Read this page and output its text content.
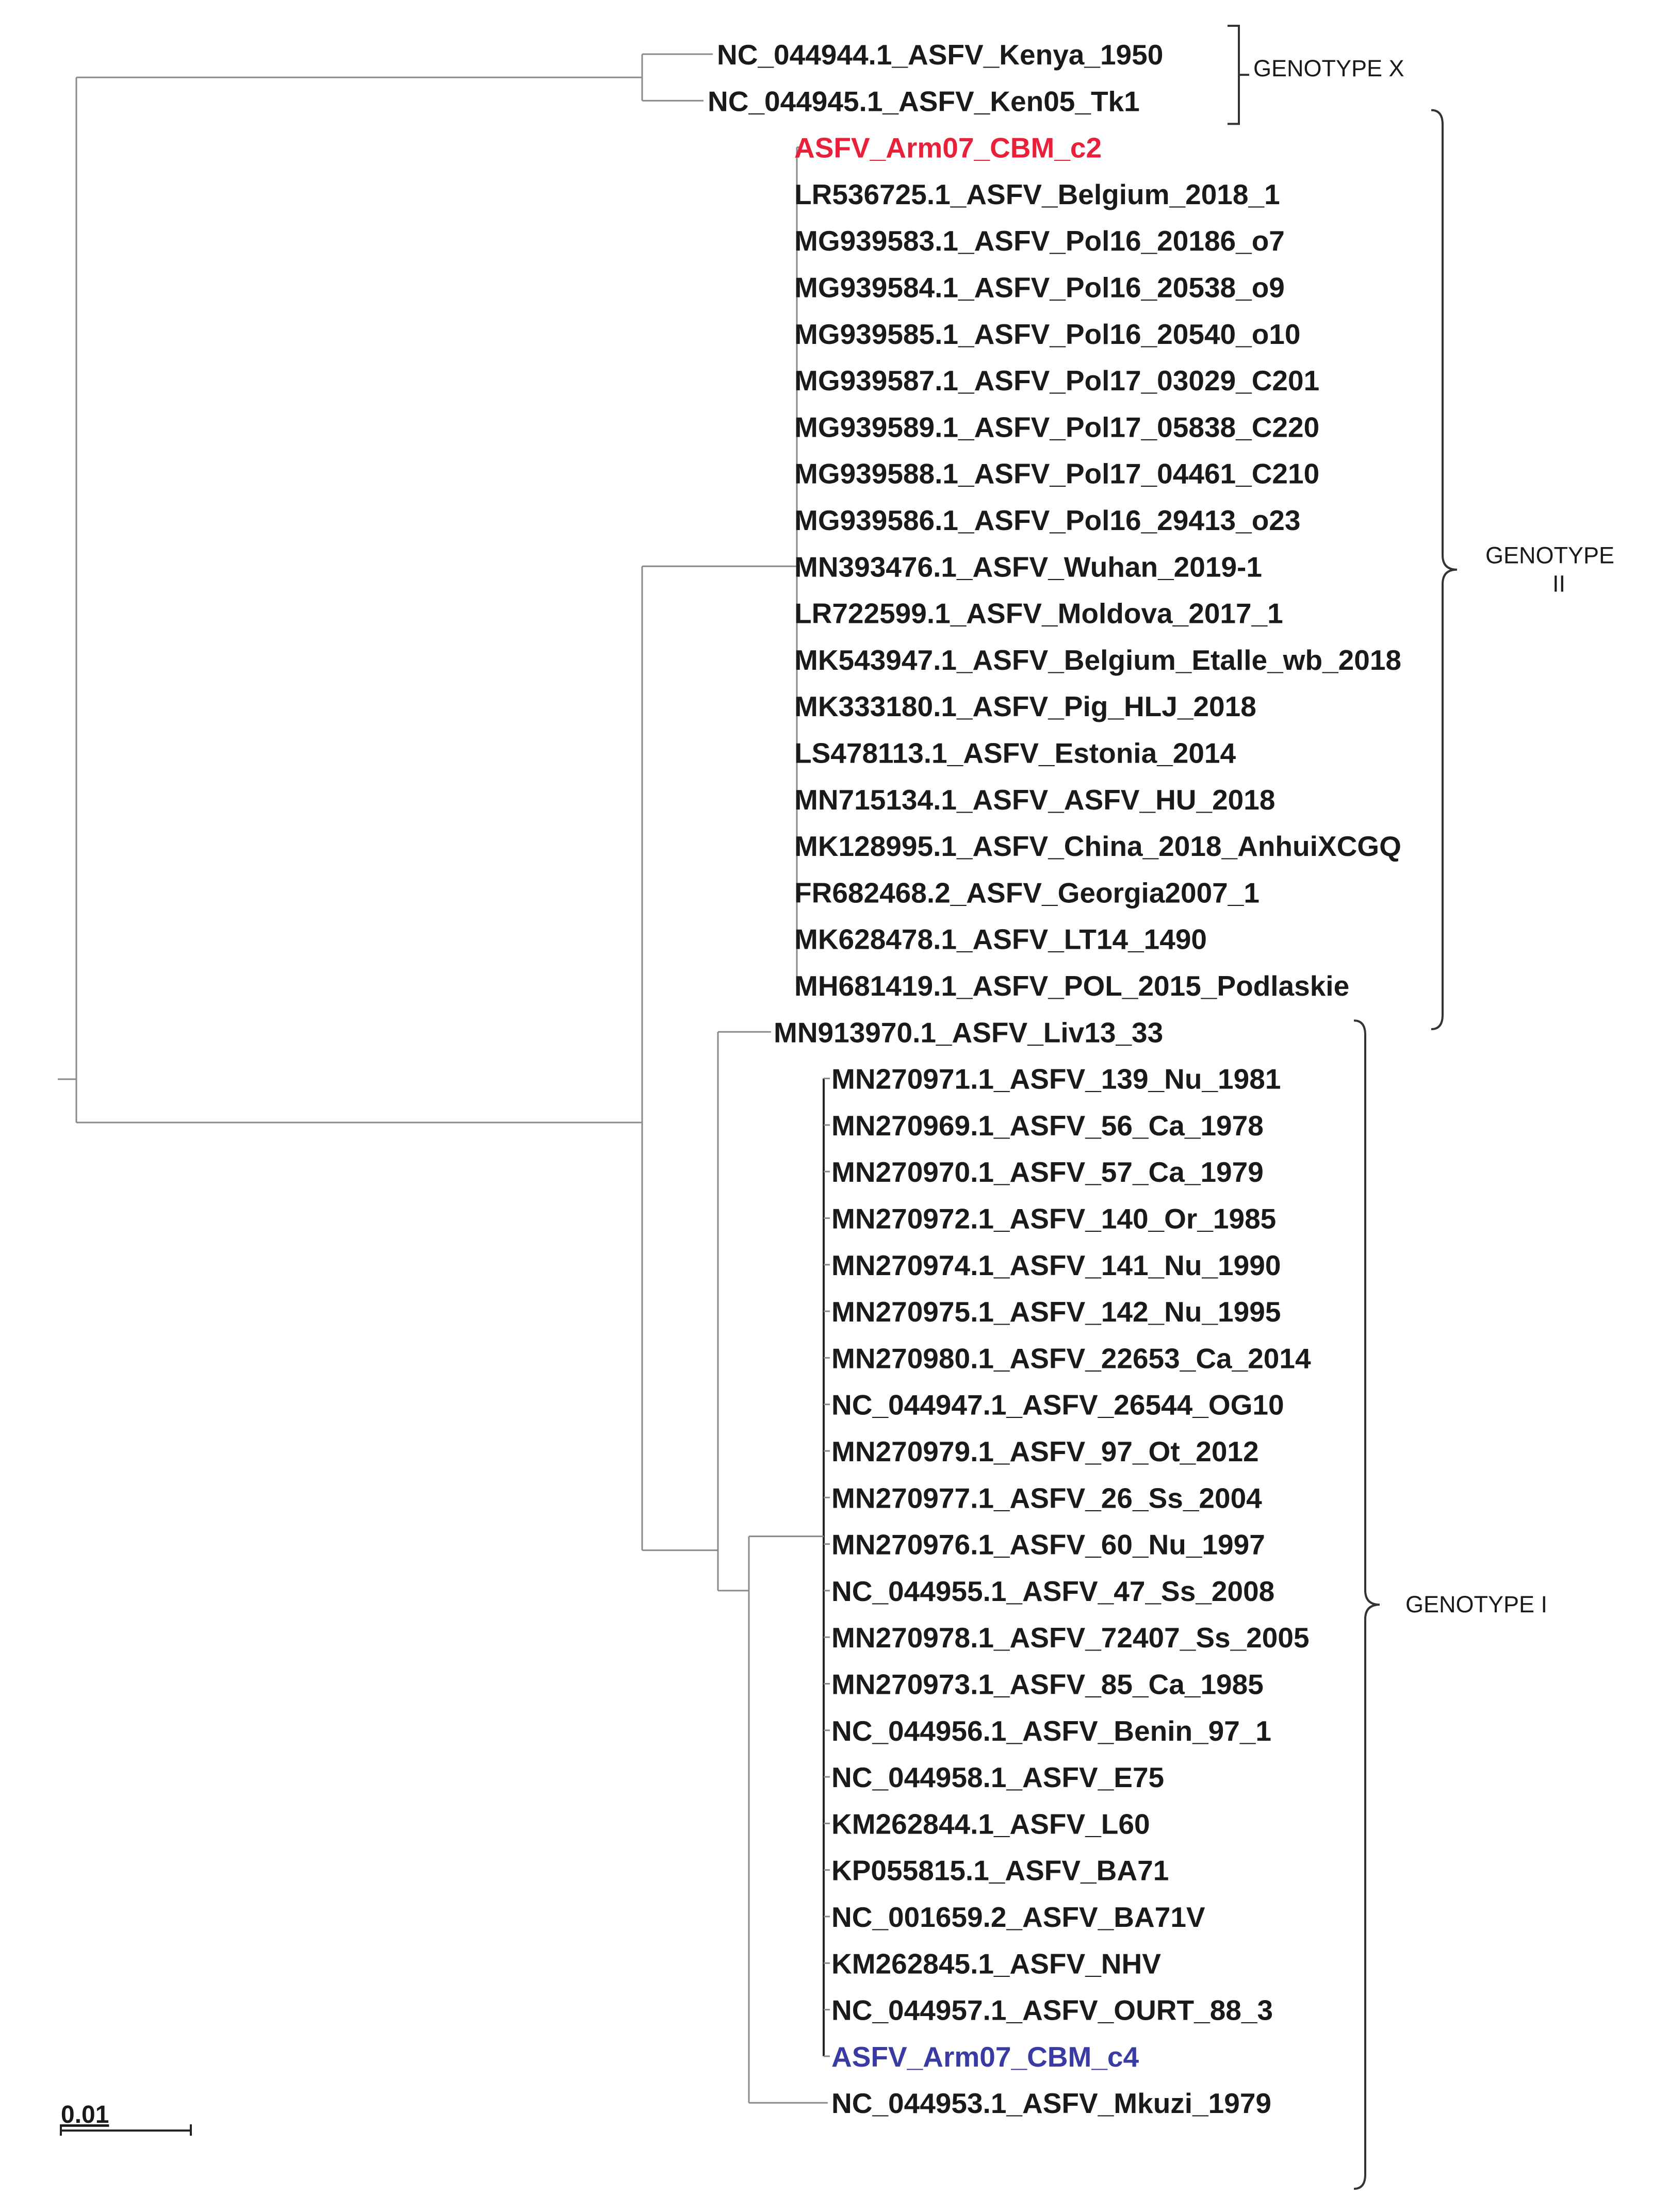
NC_044944.1_ASFV_Kenya_1950
NC_044945.1_ASFV_Ken05_Tk1
ASFV_Arm07_CBM_c2
LR536725.1_ASFV_Belgium_2018_1
MG939583.1_ASFV_Pol16_20186_o7
MG939584.1_ASFV_Pol16_20538_o9
MG939585.1_ASFV_Pol16_20540_o10
MG939587.1_ASFV_Pol17_03029_C201
MG939589.1_ASFV_Pol17_05838_C220
MG939588.1_ASFV_Pol17_04461_C210
MG939586.1_ASFV_Pol16_29413_o23
MN393476.1_ASFV_Wuhan_2019-1
LR722599.1_ASFV_Moldova_2017_1
MK543947.1_ASFV_Belgium_Etalle_wb_2018
MK333180.1_ASFV_Pig_HLJ_2018
LS478113.1_ASFV_Estonia_2014
MN715134.1_ASFV_ASFV_HU_2018
MK128995.1_ASFV_China_2018_AnhuiXCGQ
FR682468.2_ASFV_Georgia2007_1
MK628478.1_ASFV_LT14_1490
MH681419.1_ASFV_POL_2015_Podlaskie
MN913970.1_ASFV_Liv13_33
MN270971.1_ASFV_139_Nu_1981
MN270969.1_ASFV_56_Ca_1978
MN270970.1_ASFV_57_Ca_1979
MN270972.1_ASFV_140_Or_1985
MN270974.1_ASFV_141_Nu_1990
MN270975.1_ASFV_142_Nu_1995
MN270980.1_ASFV_22653_Ca_2014
NC_044947.1_ASFV_26544_OG10
MN270979.1_ASFV_97_Ot_2012
MN270977.1_ASFV_26_Ss_2004
MN270976.1_ASFV_60_Nu_1997
NC_044955.1_ASFV_47_Ss_2008
MN270978.1_ASFV_72407_Ss_2005
MN270973.1_ASFV_85_Ca_1985
NC_044956.1_ASFV_Benin_97_1
NC_044958.1_ASFV_E75
KM262844.1_ASFV_L60
KP055815.1_ASFV_BA71
NC_001659.2_ASFV_BA71V
KM262845.1_ASFV_NHV
NC_044957.1_ASFV_OURT_88_3
ASFV_Arm07_CBM_c4
NC_044953.1_ASFV_Mkuzi_1979
GENOTYPE X
GENOTYPE II
GENOTYPE I
0.01
